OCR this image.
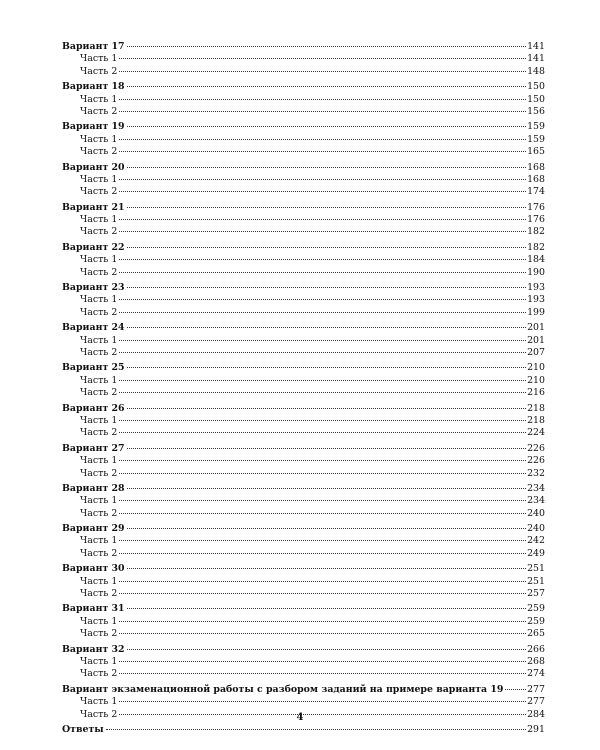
Вариант 17	141
Часть 1	141
Часть 2	148
Вариант 18	150
Часть 1	150
Часть 2	156
Вариант 19	159
Часть 1	159
Часть 2	165
Вариант 20	168
Часть 1	168
Часть 2	174
Вариант 21	176
Часть 1	176
Часть 2	182
Вариант 22	182
Часть 1	184
Часть 2	190
Вариант 23	193
Часть 1	193
Часть 2	199
Вариант 24	201
Часть 1	201
Часть 2	207
Вариант 25	210
Часть 1	210
Часть 2	216
Вариант 26	218
Часть 1	218
Часть 2	224
Вариант 27	226
Часть 1	226
Часть 2	232
Вариант 28	234
Часть 1	234
Часть 2	240
Вариант 29	240
Часть 1	242
Часть 2	249
Вариант 30	251
Часть 1	251
Часть 2	257
Вариант 31	259
Часть 1	259
Часть 2	265
Вариант 32	266
Часть 1	268
Часть 2	274
Вариант экзаменационной работы с разбором заданий на примере варианта 19	277
Часть 1	277
Часть 2	284
Ответы	291
4
